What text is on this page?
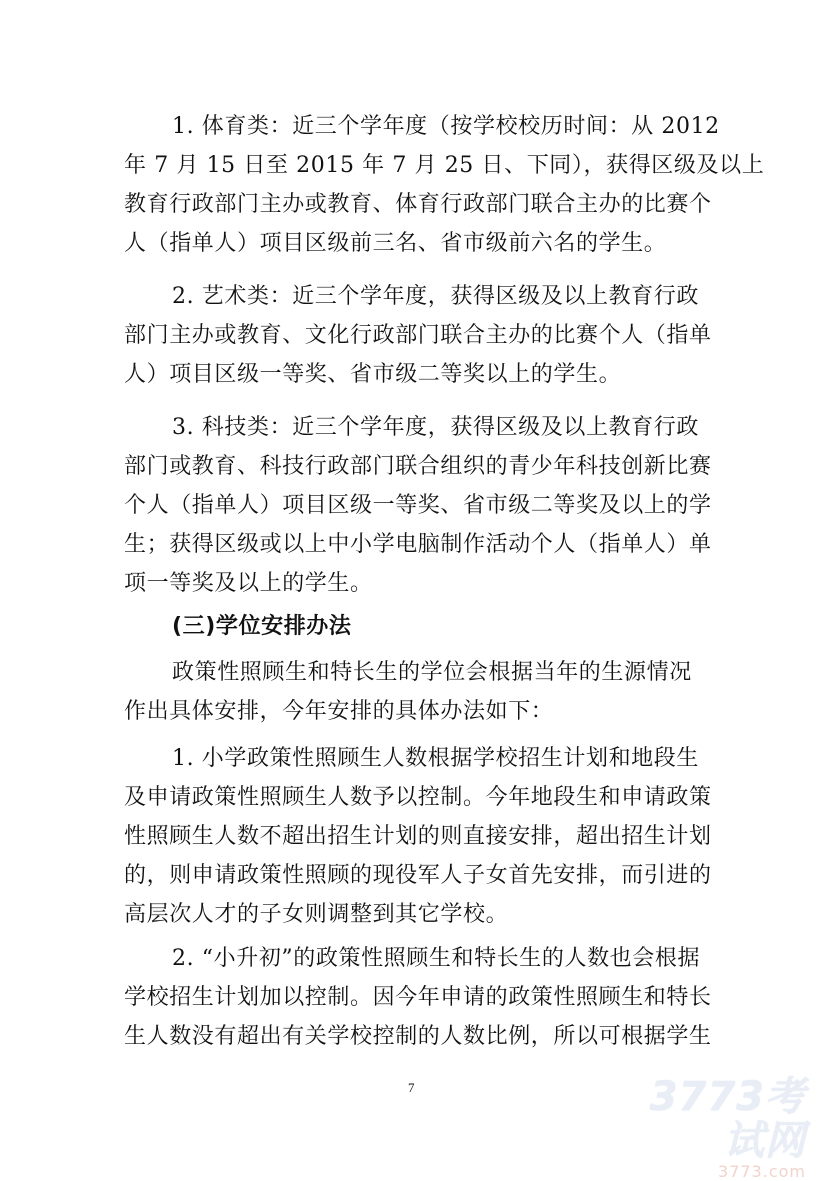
1. 体育类：近三个学年度（按学校校历时间：从 2012
年 7 月 15 日至 2015 年 7 月 25 日、下同），获得区级及以上
教育行政部门主办或教育、体育行政部门联合主办的比赛个
人（指单人）项目区级前三名、省市级前六名的学生。
2. 艺术类：近三个学年度，获得区级及以上教育行政
部门主办或教育、文化行政部门联合主办的比赛个人（指单
人）项目区级一等奖、省市级二等奖以上的学生。
3. 科技类：近三个学年度，获得区级及以上教育行政
部门或教育、科技行政部门联合组织的青少年科技创新比赛
个人（指单人）项目区级一等奖、省市级二等奖及以上的学
生；获得区级或以上中小学电脑制作活动个人（指单人）单
项一等奖及以上的学生。
(三)学位安排办法
政策性照顾生和特长生的学位会根据当年的生源情况
作出具体安排，今年安排的具体办法如下：
1. 小学政策性照顾生人数根据学校招生计划和地段生
及申请政策性照顾生人数予以控制。今年地段生和申请政策
性照顾生人数不超出招生计划的则直接安排，超出招生计划
的，则申请政策性照顾的现役军人子女首先安排，而引进的
高层次人才的子女则调整到其它学校。
2. “小升初”的政策性照顾生和特长生的人数也会根据
学校招生计划加以控制。因今年申请的政策性照顾生和特长
生人数没有超出有关学校控制的人数比例，所以可根据学生
7	3773考试网
3773.com
